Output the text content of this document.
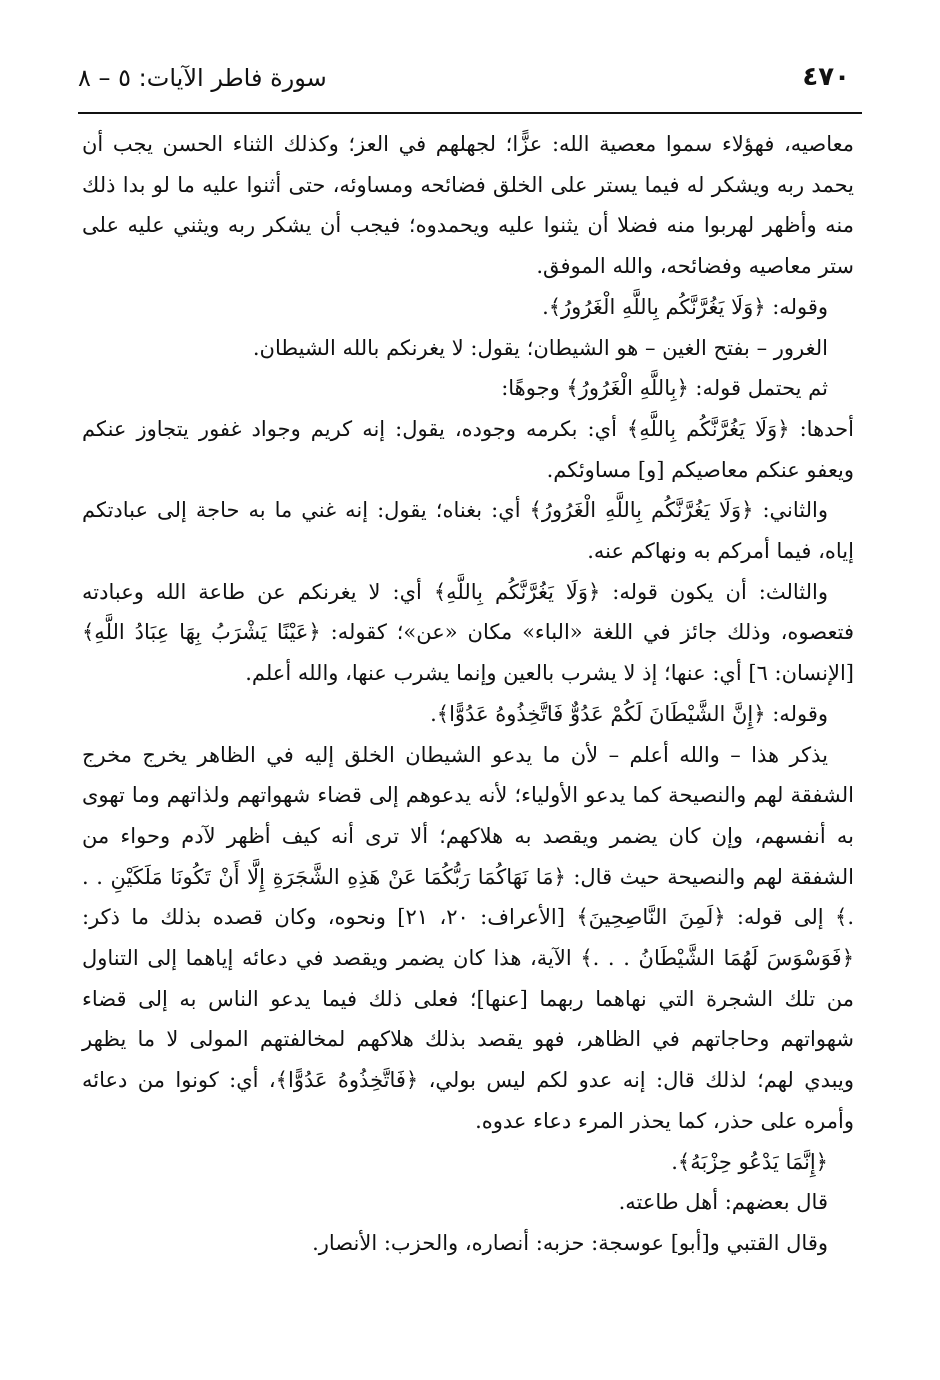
٤٧٠
سورة فاطر الآيات: ٥ – ٨

معاصيه، فهؤلاء سموا معصية الله: عزًّا؛ لجهلهم في العز؛ وكذلك الثناء الحسن يجب أن يحمد ربه ويشكر له فيما يستر على الخلق فضائحه ومساوئه، حتى أثنوا عليه ما لو بدا ذلك منه وأظهر لهربوا منه فضلا أن يثنوا عليه ويحمدوه؛ فيجب أن يشكر ربه ويثني عليه على ستر معاصيه وفضائحه، والله الموفق.

وقوله: ﴿وَلَا يَغُرَّنَّكُم بِاللَّهِ الْغَرُورُ﴾.

الغرور – بفتح الغين – هو الشيطان؛ يقول: لا يغرنكم بالله الشيطان.

ثم يحتمل قوله: ﴿بِاللَّهِ الْغَرُورُ﴾ وجوهًا:

أحدها: ﴿وَلَا يَغُرَّنَّكُم بِاللَّهِ﴾ أي: بكرمه وجوده، يقول: إنه كريم وجواد غفور يتجاوز عنكم ويعفو عنكم معاصيكم [و] مساوئكم.

والثاني: ﴿وَلَا يَغُرَّنَّكُم بِاللَّهِ الْغَرُورُ﴾ أي: بغناه؛ يقول: إنه غني ما به حاجة إلى عبادتكم إياه، فيما أمركم به ونهاكم عنه.

والثالث: أن يكون قوله: ﴿وَلَا يَغُرَّنَّكُم بِاللَّهِ﴾ أي: لا يغرنكم عن طاعة الله وعبادته فتعصوه، وذلك جائز في اللغة «الباء» مكان «عن»؛ كقوله: ﴿عَيْنًا يَشْرَبُ بِهَا عِبَادُ اللَّهِ﴾ [الإنسان: ٦] أي: عنها؛ إذ لا يشرب بالعين وإنما يشرب عنها، والله أعلم.

وقوله: ﴿إِنَّ الشَّيْطَانَ لَكُمْ عَدُوٌّ فَاتَّخِذُوهُ عَدُوًّا﴾.

يذكر هذا – والله أعلم – لأن ما يدعو الشيطان الخلق إليه في الظاهر يخرج مخرج الشفقة لهم والنصيحة كما يدعو الأولياء؛ لأنه يدعوهم إلى قضاء شهواتهم ولذاتهم وما تهوى به أنفسهم، وإن كان يضمر ويقصد به هلاكهم؛ ألا ترى أنه كيف أظهر لآدم وحواء من الشفقة لهم والنصيحة حيث قال: ﴿مَا نَهَاكُمَا رَبُّكُمَا عَنْ هَذِهِ الشَّجَرَةِ إِلَّا أَنْ تَكُونَا مَلَكَيْنِ . . .﴾ إلى قوله: ﴿لَمِنَ النَّاصِحِينَ﴾ [الأعراف: ٢٠، ٢١] ونحوه، وكان قصده بذلك ما ذكر: ﴿فَوَسْوَسَ لَهُمَا الشَّيْطَانُ . . .﴾ الآية، هذا كان يضمر ويقصد في دعائه إياهما إلى التناول من تلك الشجرة التي نهاهما ربهما [عنها]؛ فعلى ذلك فيما يدعو الناس به إلى قضاء شهواتهم وحاجاتهم في الظاهر، فهو يقصد بذلك هلاكهم لمخالفتهم المولى لا ما يظهر ويبدي لهم؛ لذلك قال: إنه عدو لكم ليس بولي، ﴿فَاتَّخِذُوهُ عَدُوًّا﴾، أي: كونوا من دعائه وأمره على حذر، كما يحذر المرء دعاء عدوه.

﴿إِنَّمَا يَدْعُو حِزْبَهُ﴾.

قال بعضهم: أهل طاعته.

وقال القتبي و[أبو] عوسجة: حزبه: أنصاره، والحزب: الأنصار.
